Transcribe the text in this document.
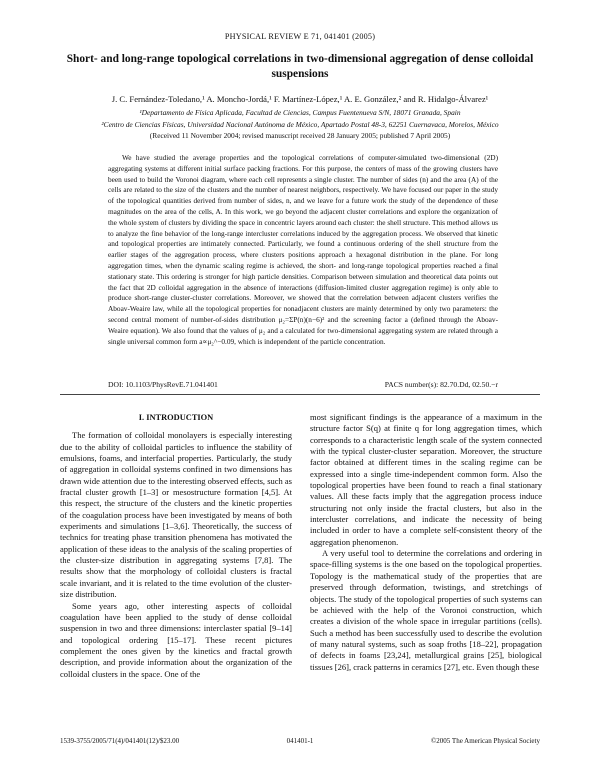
PHYSICAL REVIEW E 71, 041401 (2005)
Short- and long-range topological correlations in two-dimensional aggregation of dense colloidal suspensions
J. C. Fernández-Toledano,¹ A. Moncho-Jordá,¹ F. Martínez-López,¹ A. E. González,² and R. Hidalgo-Álvarez¹
¹Departamento de Física Aplicada, Facultad de Ciencias, Campus Fuentenueva S/N, 18071 Granada, Spain
²Centro de Ciencias Físicas, Universidad Nacional Autónoma de México, Apartado Postal 48-3, 62251 Cuernavaca, Morelos, México
(Received 11 November 2004; revised manuscript received 28 January 2005; published 7 April 2005)
We have studied the average properties and the topological correlations of computer-simulated two-dimensional (2D) aggregating systems at different initial surface packing fractions. For this purpose, the centers of mass of the growing clusters have been used to build the Voronoi diagram, where each cell represents a single cluster. The number of sides (n) and the area (A) of the cells are related to the size of the clusters and the number of nearest neighbors, respectively. We have focused our paper in the study of the topological quantities derived from number of sides, n, and we leave for a future work the study of the dependence of these magnitudes on the area of the cells, A. In this work, we go beyond the adjacent cluster correlations and explore the organization of the whole system of clusters by dividing the space in concentric layers around each cluster: the shell structure. This method allows us to analyze the fine behavior of the long-range intercluster correlations induced by the aggregation process. We observed that kinetic and topological properties are intimately connected. Particularly, we found a continuous ordering of the shell structure from the earlier stages of the aggregation process, where clusters positions approach a hexagonal distribution in the plane. For long aggregation times, when the dynamic scaling regime is achieved, the short- and long-range topological properties reached a final stationary state. This ordering is stronger for high particle densities. Comparison between simulation and theoretical data points out the fact that 2D colloidal aggregation in the absence of interactions (diffusion-limited cluster aggregation regime) is only able to produce short-range cluster-cluster correlations. Moreover, we showed that the correlation between adjacent clusters verifies the Aboav-Weaire law, while all the topological properties for nonadjacent clusters are mainly determined by only two parameters: the second central moment of number-of-sides distribution μ₂=ΣP(n)(n−6)² and the screening factor a (defined through the Aboav-Weaire equation). We also found that the values of μ₂ and a calculated for two-dimensional aggregating system are related through a single universal common form a∝μ₂^−0.09, which is independent of the particle concentration.
DOI: 10.1103/PhysRevE.71.041401	PACS number(s): 82.70.Dd, 02.50.−r
I. INTRODUCTION

The formation of colloidal monolayers is especially interesting due to the ability of colloidal particles to influence the stability of emulsions, foams, and interfacial properties. Particularly, the study of aggregation in colloidal systems confined in two dimensions has drawn wide attention due to the interesting observed effects, such as fractal cluster growth [1–3] or mesostructure formation [4,5]. At this respect, the structure of the clusters and the kinetic properties of the coagulation process have been investigated by means of both experiments and simulations [1–3,6]. Theoretically, the success of technics for treating phase transition phenomena has motivated the application of these ideas to the analysis of the scaling properties of the cluster-size distribution in aggregating systems [7,8]. The results show that the morphology of colloidal clusters is fractal scale invariant, and it is related to the time evolution of the cluster-size distribution.

Some years ago, other interesting aspects of colloidal coagulation have been applied to the study of dense colloidal suspension in two and three dimensions: interclaster spatial [9–14] and topological ordering [15–17]. These recent pictures complement the ones given by the kinetics and fractal growth description, and provide information about the organization of the colloidal clusters in the space. One of the

most significant findings is the appearance of a maximum in the structure factor S(q) at finite q for long aggregation times, which corresponds to a characteristic length scale of the system connected with the typical cluster-cluster separation. Moreover, the structure factor obtained at different times in the scaling regime can be expressed into a single time-independent common form. Also the topological properties have been found to reach a final stationary values. All these facts imply that the aggregation process induce structuring not only inside the fractal clusters, but also in the intercluster correlations, and indicate the necessity of being included in order to have a complete self-consistent theory of the aggregation phenomenon.

A very useful tool to determine the correlations and ordering in space-filling systems is the one based on the topological properties. Topology is the mathematical study of the properties that are preserved through deformation, twistings, and stretchings of objects. The study of the topological properties of such systems can be achieved with the help of the Voronoi construction, which creates a division of the whole space in irregular partitions (cells). Such a method has been successfully used to describe the evolution of many natural systems, such as soap froths [18–22], propagation of defects in foams [23,24], metallurgical grains [25], biological tissues [26], crack patterns in ceramics [27], etc. Even though these

1539-3755/2005/71(4)/041401(12)/$23.00	041401-1	©2005 The American Physical Society
